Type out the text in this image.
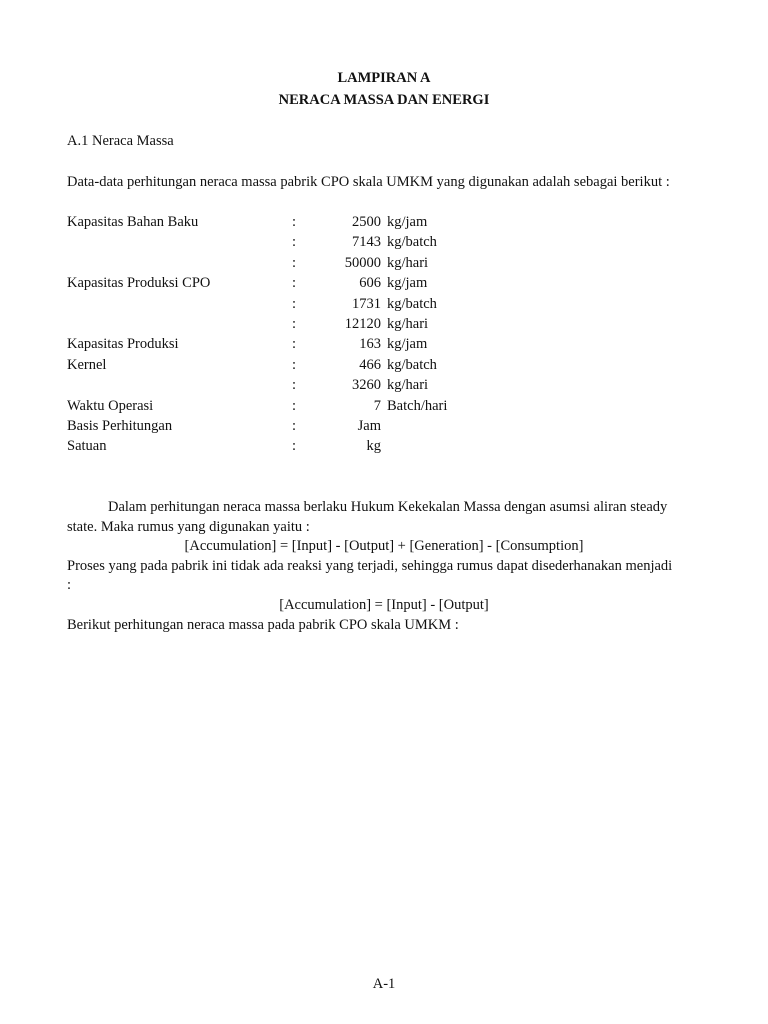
LAMPIRAN A
NERACA MASSA DAN ENERGI
A.1 Neraca Massa
Data-data perhitungan neraca massa pabrik CPO skala UMKM yang digunakan adalah sebagai berikut :
Kapasitas Bahan Baku	:	2500 kg/jam
:	7143 kg/batch
:	50000 kg/hari
Kapasitas Produksi CPO	:	606 kg/jam
:	1731 kg/batch
:	12120 kg/hari
Kapasitas Produksi	:	163 kg/jam
Kernel	:	466 kg/batch
:	3260 kg/hari
Waktu Operasi	:	7 Batch/hari
Basis Perhitungan	:	Jam
Satuan	:	kg
Dalam perhitungan neraca massa berlaku Hukum Kekekalan Massa dengan asumsi aliran steady
state. Maka rumus yang digunakan yaitu :
[Accumulation] = [Input] - [Output] + [Generation] - [Consumption]
Proses yang pada pabrik ini tidak ada reaksi yang terjadi, sehingga rumus dapat disederhanakan menjadi
:
[Accumulation] = [Input] - [Output]
Berikut perhitungan neraca massa pada pabrik CPO skala UMKM :
A-1
